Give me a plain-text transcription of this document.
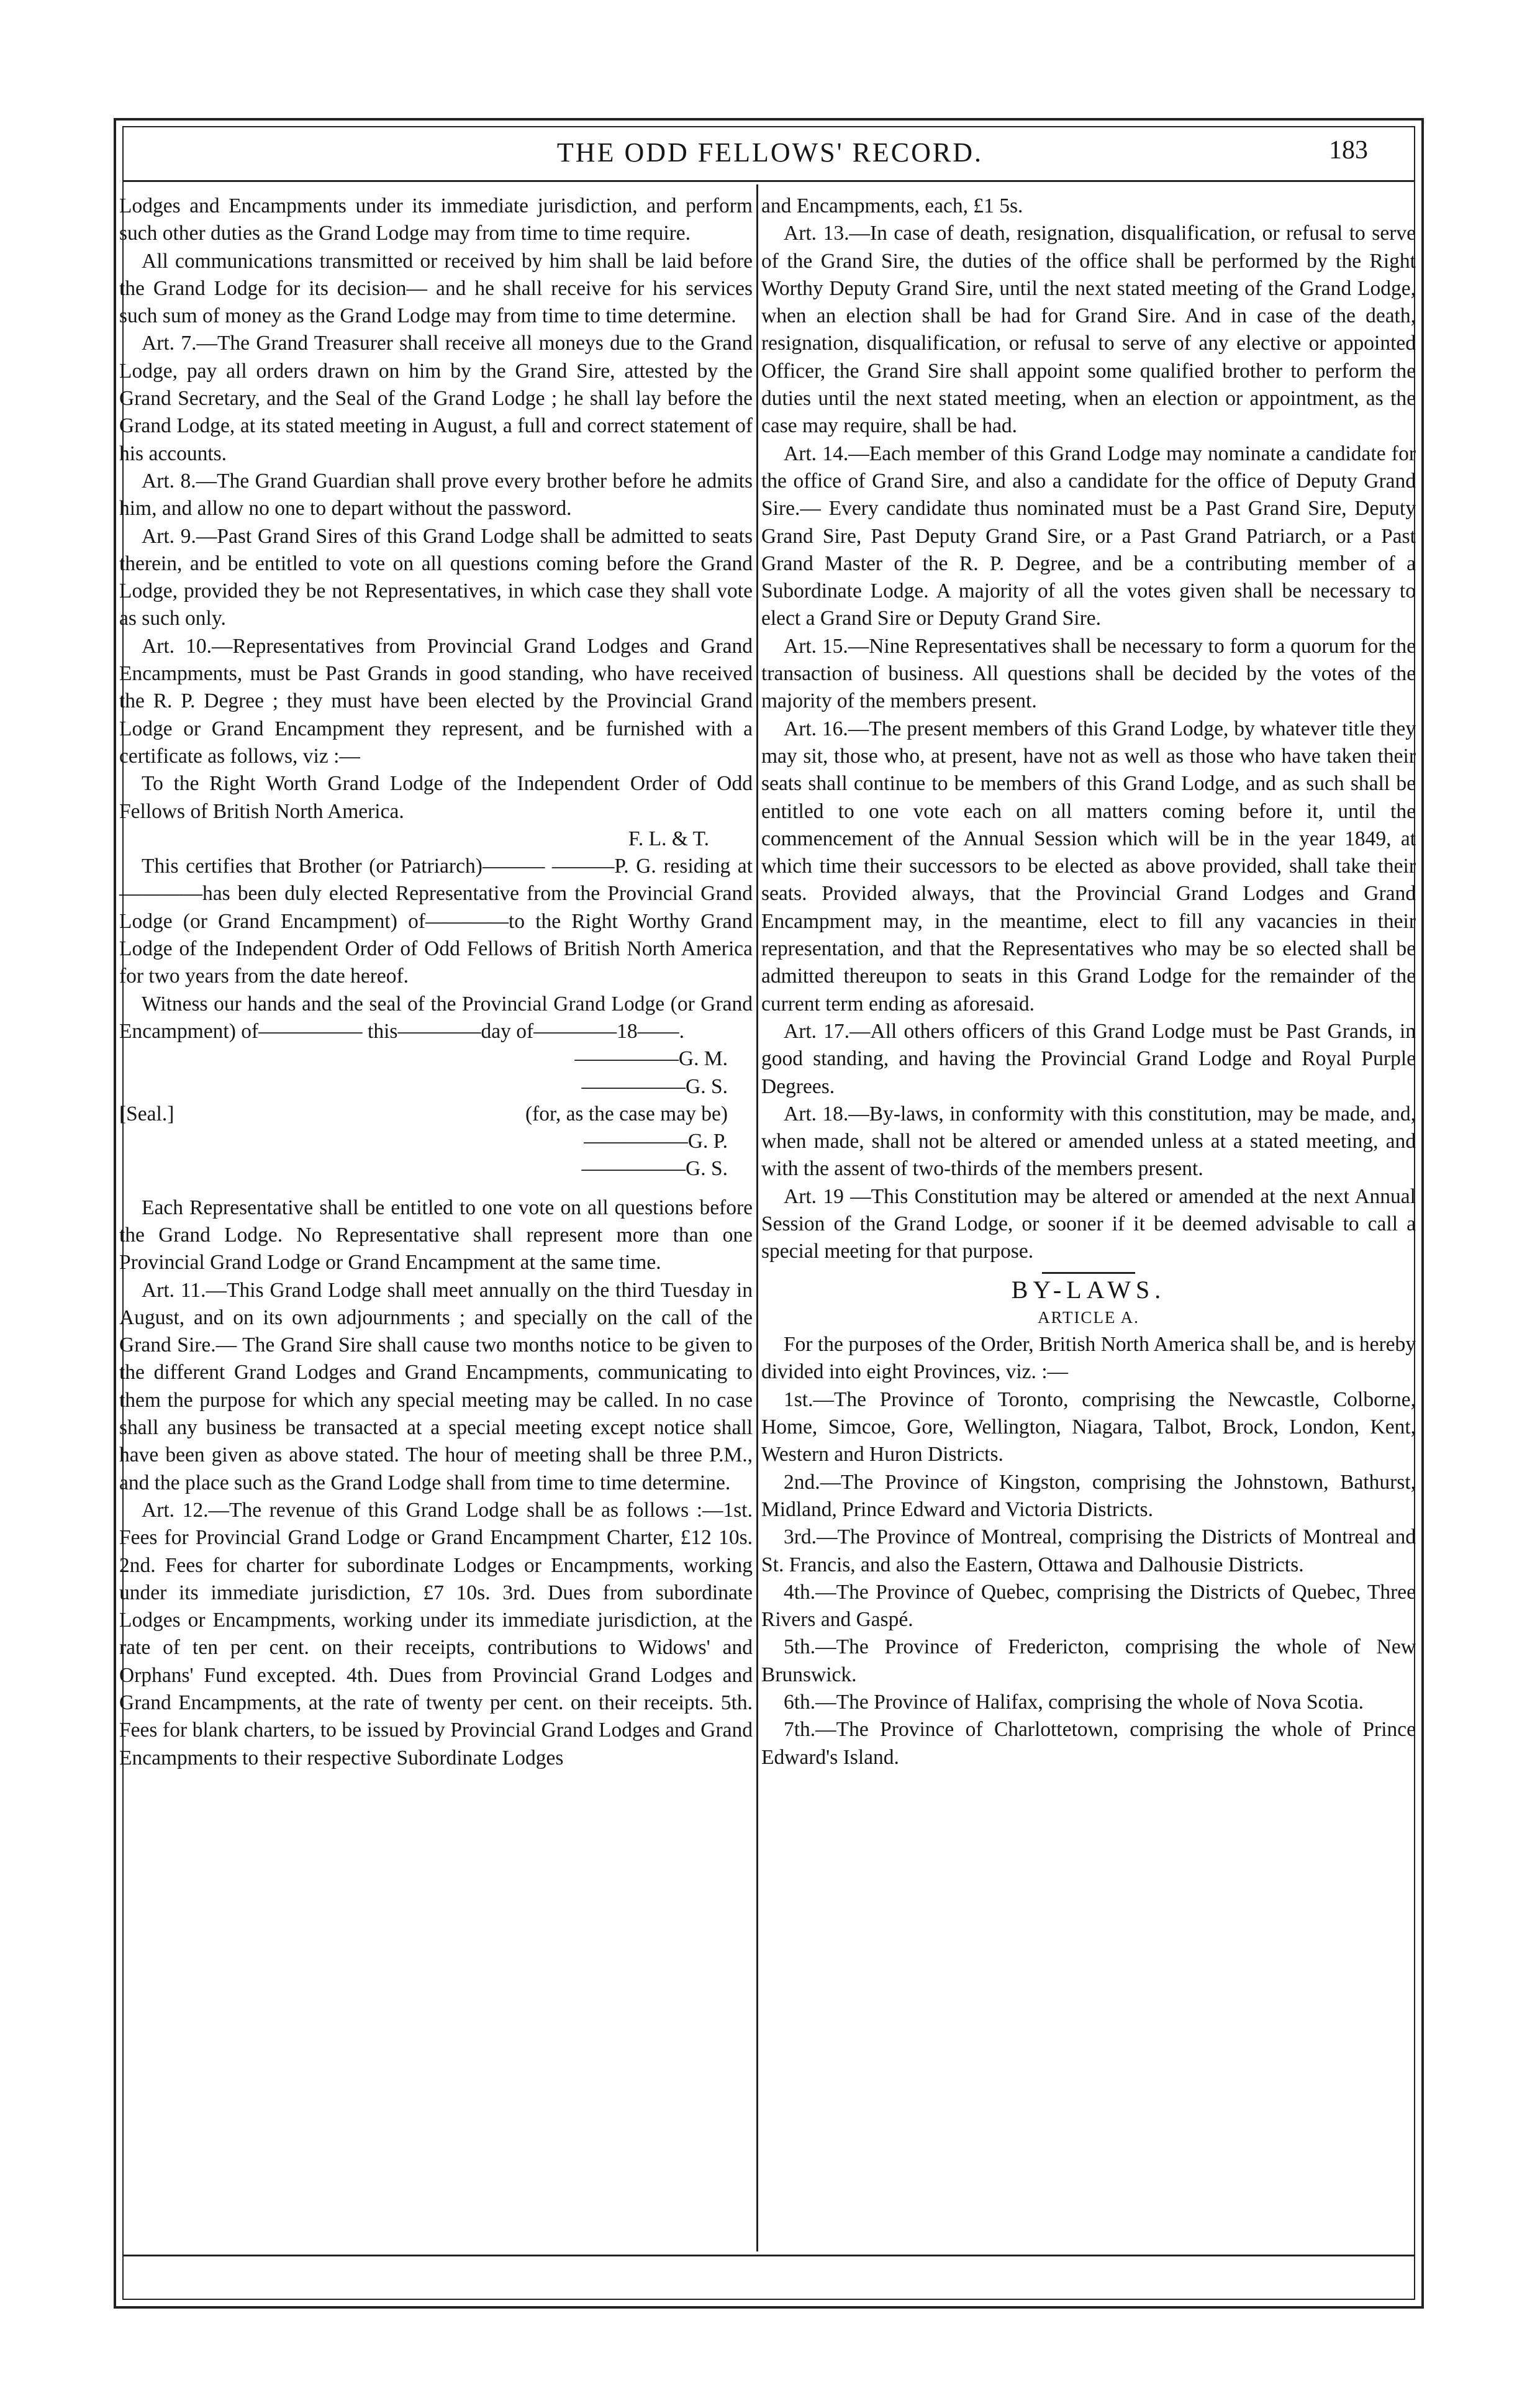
THE ODD FELLOWS' RECORD.	183

Lodges and Encampments under its immediate jurisdiction, and perform such other duties as the Grand Lodge may from time to time require.

All communications transmitted or received by him shall be laid before the Grand Lodge for its decision— and he shall receive for his services such sum of money as the Grand Lodge may from time to time determine.

Art. 7.—The Grand Treasurer shall receive all moneys due to the Grand Lodge, pay all orders drawn on him by the Grand Sire, attested by the Grand Secretary, and the Seal of the Grand Lodge ; he shall lay before the Grand Lodge, at its stated meeting in August, a full and correct statement of his accounts.

Art. 8.—The Grand Guardian shall prove every brother before he admits him, and allow no one to depart without the password.

Art. 9.—Past Grand Sires of this Grand Lodge shall be admitted to seats therein, and be entitled to vote on all questions coming before the Grand Lodge, provided they be not Representatives, in which case they shall vote as such only.

Art. 10.—Representatives from Provincial Grand Lodges and Grand Encampments, must be Past Grands in good standing, who have received the R. P. Degree ; they must have been elected by the Provincial Grand Lodge or Grand Encampment they represent, and be furnished with a certificate as follows, viz :—

To the Right Worth Grand Lodge of the Independent Order of Odd Fellows of British North America.

F. L. & T.

This certifies that Brother (or Patriarch)——— ———P. G. residing at————has been duly elected Representative from the Provincial Grand Lodge (or Grand Encampment) of————to the Right Worthy Grand Lodge of the Independent Order of Odd Fellows of British North America for two years from the date hereof.

Witness our hands and the seal of the Provincial Grand Lodge (or Grand Encampment) of————— this————day of————18——.

—————G. M.

—————G. S.

[Seal.]	(for, as the case may be)

—————G. P.

—————G. S.

Each Representative shall be entitled to one vote on all questions before the Grand Lodge. No Representative shall represent more than one Provincial Grand Lodge or Grand Encampment at the same time.

Art. 11.—This Grand Lodge shall meet annually on the third Tuesday in August, and on its own adjournments ; and specially on the call of the Grand Sire.— The Grand Sire shall cause two months notice to be given to the different Grand Lodges and Grand Encampments, communicating to them the purpose for which any special meeting may be called. In no case shall any business be transacted at a special meeting except notice shall have been given as above stated. The hour of meeting shall be three P.M., and the place such as the Grand Lodge shall from time to time determine.

Art. 12.—The revenue of this Grand Lodge shall be as follows :—1st. Fees for Provincial Grand Lodge or Grand Encampment Charter, £12 10s. 2nd. Fees for charter for subordinate Lodges or Encampments, working under its immediate jurisdiction, £7 10s. 3rd. Dues from subordinate Lodges or Encampments, working under its immediate jurisdiction, at the rate of ten per cent. on their receipts, contributions to Widows' and Orphans' Fund excepted. 4th. Dues from Provincial Grand Lodges and Grand Encampments, at the rate of twenty per cent. on their receipts. 5th. Fees for blank charters, to be issued by Provincial Grand Lodges and Grand Encampments to their respective Subordinate Lodges

and Encampments, each, £1 5s.

Art. 13.—In case of death, resignation, disqualification, or refusal to serve of the Grand Sire, the duties of the office shall be performed by the Right Worthy Deputy Grand Sire, until the next stated meeting of the Grand Lodge, when an election shall be had for Grand Sire. And in case of the death, resignation, disqualification, or refusal to serve of any elective or appointed Officer, the Grand Sire shall appoint some qualified brother to perform the duties until the next stated meeting, when an election or appointment, as the case may require, shall be had.

Art. 14.—Each member of this Grand Lodge may nominate a candidate for the office of Grand Sire, and also a candidate for the office of Deputy Grand Sire.— Every candidate thus nominated must be a Past Grand Sire, Deputy Grand Sire, Past Deputy Grand Sire, or a Past Grand Patriarch, or a Past Grand Master of the R. P. Degree, and be a contributing member of a Subordinate Lodge. A majority of all the votes given shall be necessary to elect a Grand Sire or Deputy Grand Sire.

Art. 15.—Nine Representatives shall be necessary to form a quorum for the transaction of business. All questions shall be decided by the votes of the majority of the members present.

Art. 16.—The present members of this Grand Lodge, by whatever title they may sit, those who, at present, have not as well as those who have taken their seats shall continue to be members of this Grand Lodge, and as such shall be entitled to one vote each on all matters coming before it, until the commencement of the Annual Session which will be in the year 1849, at which time their successors to be elected as above provided, shall take their seats. Provided always, that the Provincial Grand Lodges and Grand Encampment may, in the meantime, elect to fill any vacancies in their representation, and that the Representatives who may be so elected shall be admitted thereupon to seats in this Grand Lodge for the remainder of the current term ending as aforesaid.

Art. 17.—All others officers of this Grand Lodge must be Past Grands, in good standing, and having the Provincial Grand Lodge and Royal Purple Degrees.

Art. 18.—By-laws, in conformity with this constitution, may be made, and, when made, shall not be altered or amended unless at a stated meeting, and with the assent of two-thirds of the members present.

Art. 19 —This Constitution may be altered or amended at the next Annual Session of the Grand Lodge, or sooner if it be deemed advisable to call a special meeting for that purpose.

BY-LAWS.

ARTICLE A.

For the purposes of the Order, British North America shall be, and is hereby divided into eight Provinces, viz. :—

1st.—The Province of Toronto, comprising the Newcastle, Colborne, Home, Simcoe, Gore, Wellington, Niagara, Talbot, Brock, London, Kent, Western and Huron Districts.

2nd.—The Province of Kingston, comprising the Johnstown, Bathurst, Midland, Prince Edward and Victoria Districts.

3rd.—The Province of Montreal, comprising the Districts of Montreal and St. Francis, and also the Eastern, Ottawa and Dalhousie Districts.

4th.—The Province of Quebec, comprising the Districts of Quebec, Three Rivers and Gaspé.

5th.—The Province of Fredericton, comprising the whole of New Brunswick.

6th.—The Province of Halifax, comprising the whole of Nova Scotia.

7th.—The Province of Charlottetown, comprising the whole of Prince Edward's Island.
